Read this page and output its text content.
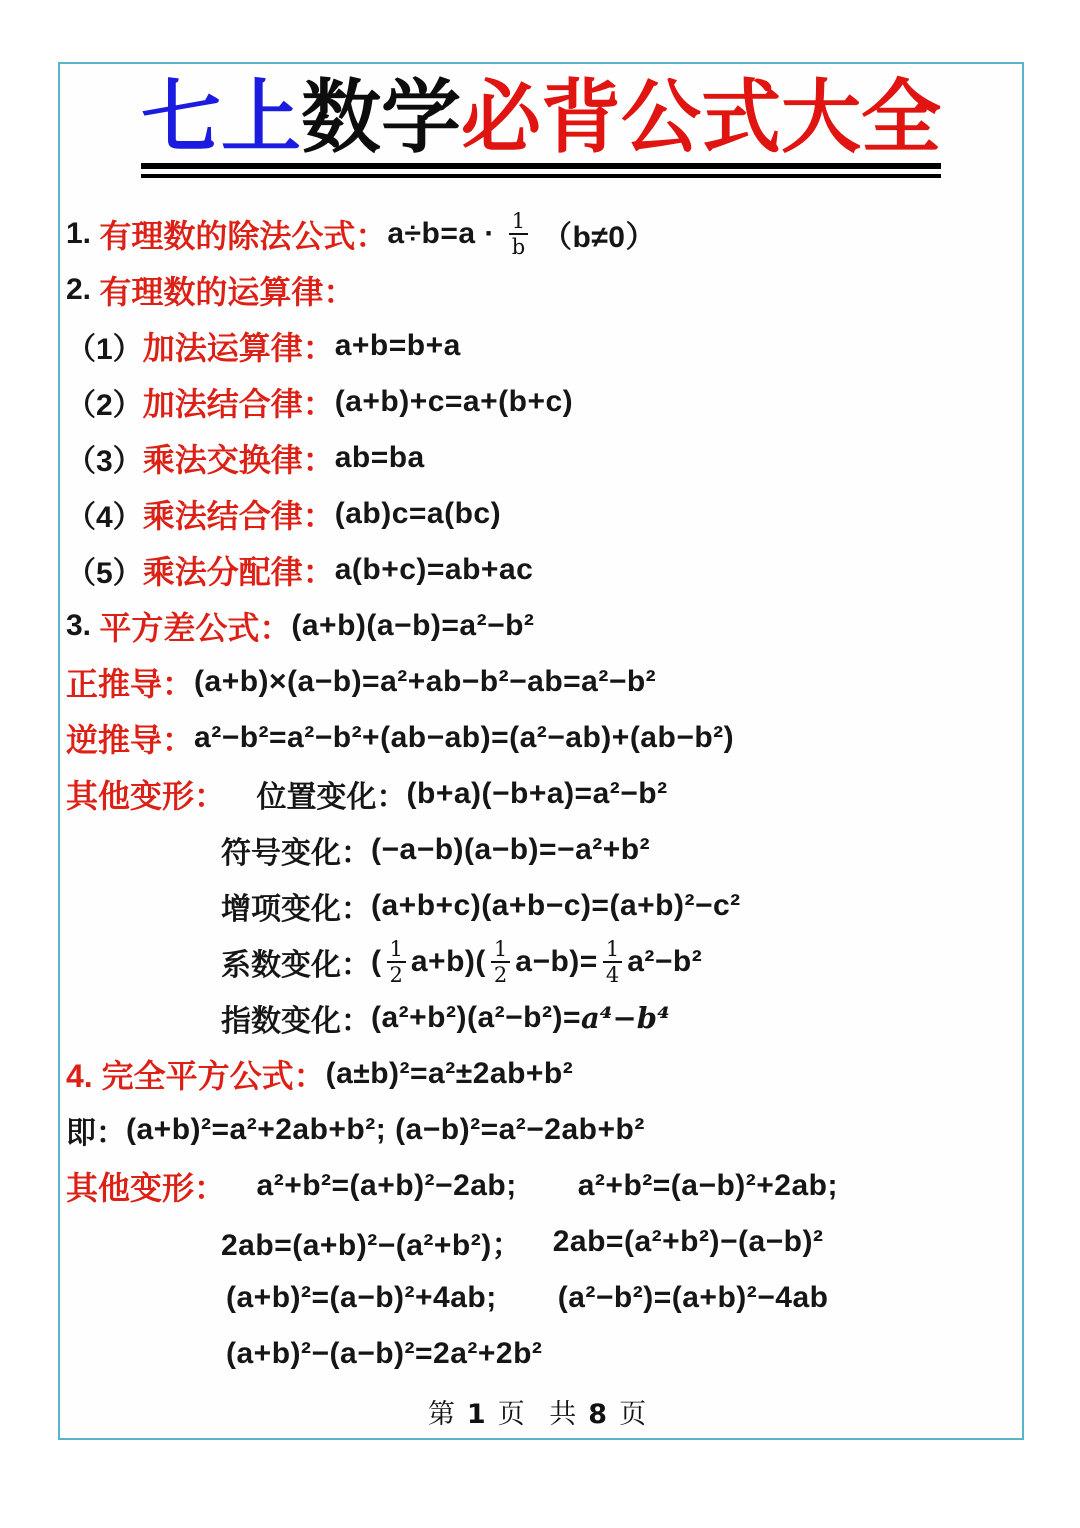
七上数学必背公式大全
1. 有理数的除法公式： $a\div b=a \cdot \frac{1}{b} (b\ne 0)$
2. 有理数的运算律：
（1） 加法运算律： a+b=b+a
（2） 加法结合律： (a+b)+c=a+(b+c)
（3） 乘法交换律： ab=ba
（4） 乘法结合律： (ab)c=a(bc)
（5） 乘法分配律： a(b+c)=ab+ac
3. 平方差公式： (a+b)(a−b)=a²−b²
正推导： (a+b)×(a−b)=a²+ab−b²−ab=a²−b²
逆推导： a²−b²=a²−b²+(ab−ab)=(a²−ab)+(ab−b²)
其他变形：
　 位置变化： (b+a)(−b+a)=a²−b²
符号变化： (−a−b)(a−b)=−a²+b²
增项变化： (a+b+c)(a+b−c)=(a+b)²−c²
系数变化： ( $\frac{1}{2} a+b)( \frac{1}{2} a-b)= \frac{1}{4} a^2-b^2$
指数变化： (a²+b²)(a²−b²)= a⁴−b⁴
4. 完全平方公式： (a±b)²=a²±2ab+b²
即： (a+b)²=a²+2ab+b²; (a−b)²=a²−2ab+b²
其他变形：
　 a²+b²=(a+b)²−2ab;
　　 a²+b²=(a−b)²+2ab;
2ab=(a+b)²−(a²+b²)；
　 2ab=(a²+b²)−(a−b)²
(a+b)²=(a−b)²+4ab;
　　 (a²−b²)=(a+b)²−4ab
(a+b)²−(a−b)²=2a²+2b²
第 1 页 共 8 页
